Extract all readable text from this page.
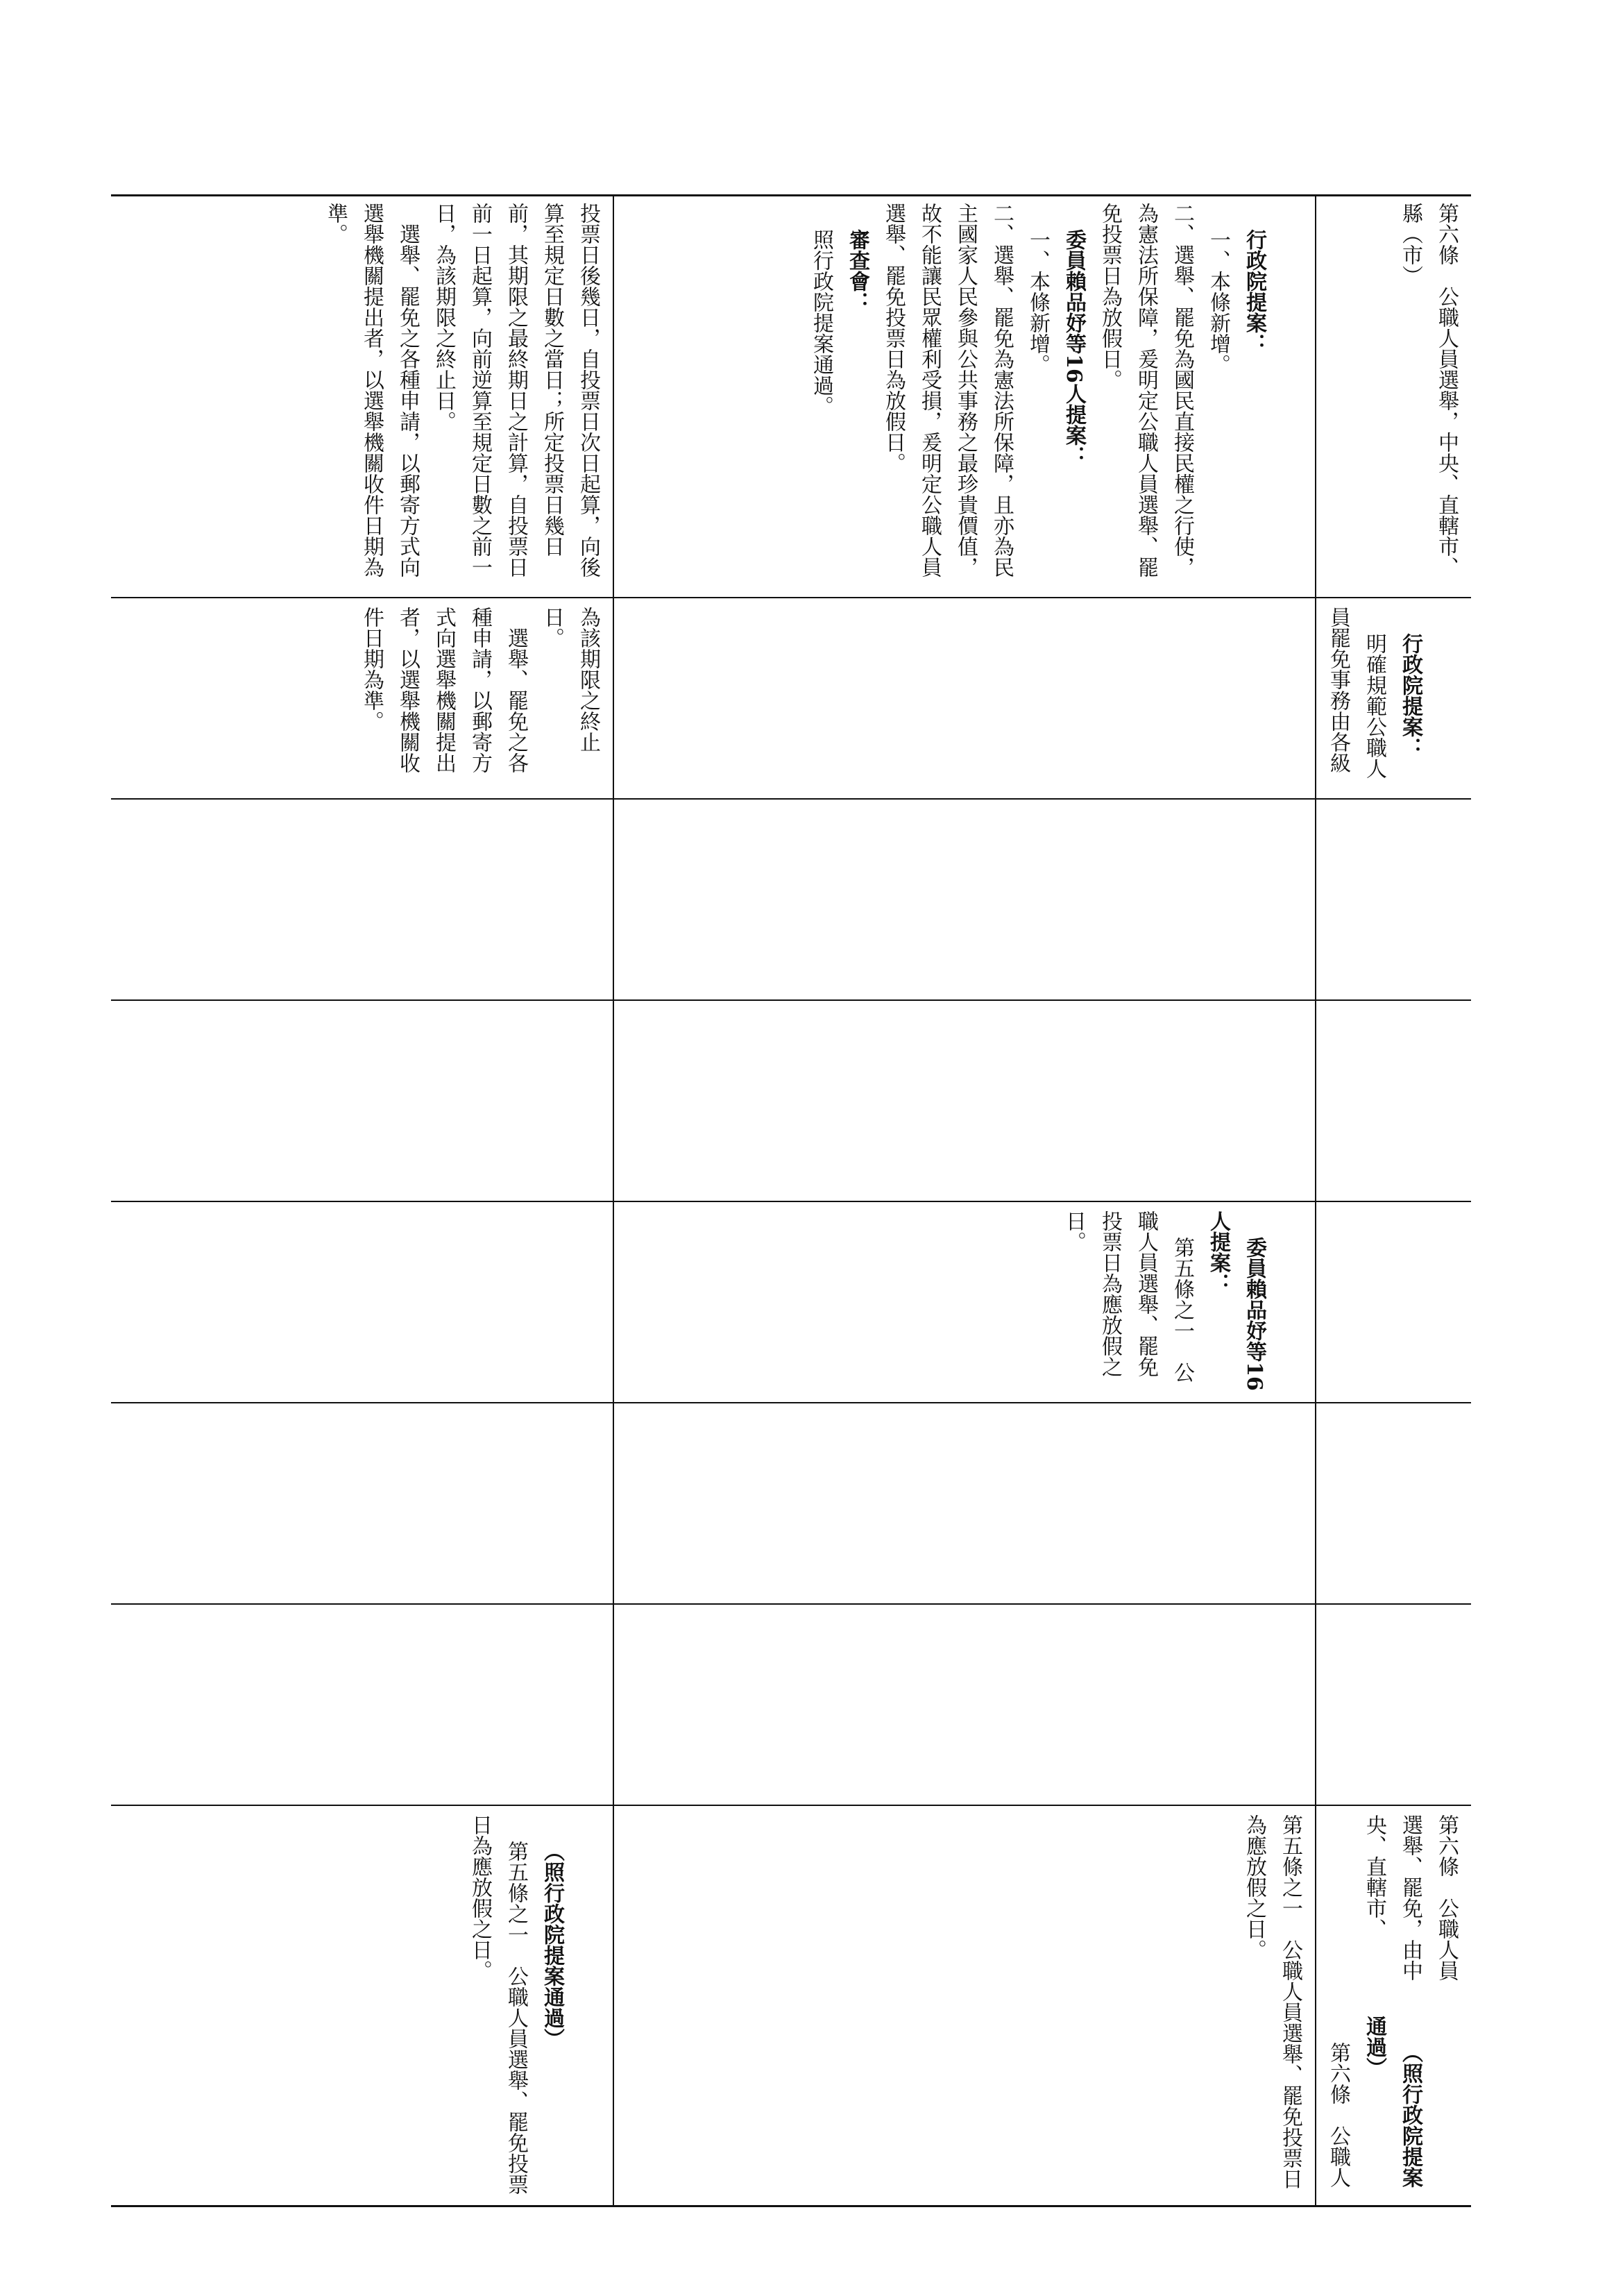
投票日後幾日，自投票日次日起算，向後算至規定日數之當日；所定投票日幾日前，其期限之最終期日之計算，自投票日前一日起算，向前逆算至規定日數之前一日，為該期限之終止日。
　選舉、罷免之各種申請，以郵寄方式向選舉機關提出者，以選舉機關收件日期為準。
為該期限之終止日。
　選舉、罷免之各種申請，以郵寄方式向選舉機關提出者，以選舉機關收件日期為準。

行政院提案：
一、本條新增。
二、選舉、罷免為國民直接民權之行使，為憲法所保障，爰明定公職人員選舉、罷免投票日為放假日。
委員賴品妤等16人提案：
一、本條新增。
二、選舉、罷免為憲法所保障，且亦為民主國家人民參與公共事務之最珍貴價值，故不能讓民眾權利受損，爰明定公職人員選舉、罷免投票日為放假日。
審查會：
照行政院提案通過。

委員賴品妤等16人提案：
第五條之一　公職人員選舉、罷免投票日為應放假之日。

（照行政院提案通過）
第五條之一　公職人員選舉、罷免投票日為應放假之日。
	第五條之一　公職人員選舉、罷免投票日為應放假之日。
第六條　公職人員選舉，中央、直轄市、縣（市）

行政院提案：
明確規範公職人員罷免事務由各級

第六條　公職人員選舉、罷免，由中央、直轄市、

（照行政院提案通過）
第六條　公職人
